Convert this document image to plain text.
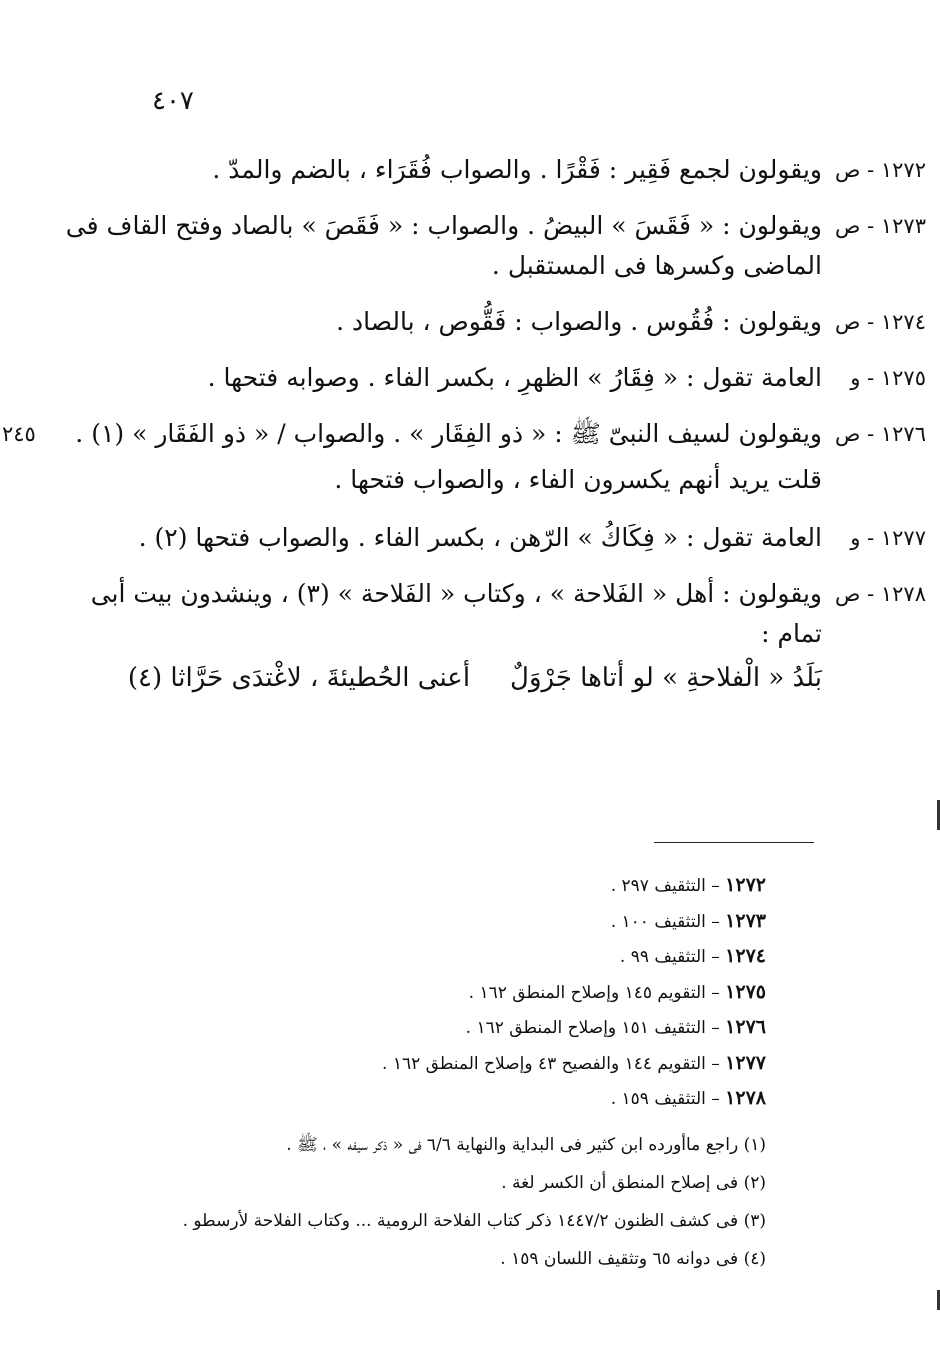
٤٠٧
١٢٧٢ - ص
ويقولون لجمع فَقِير : فَقْرًا . والصواب فُقَرَاء ، بالضم والمدّ .
١٢٧٣ - ص
ويقولون : « فَقَسَ » البيضُ . والصواب : « فَقَصَ » بالصاد وفتح القاف فى الماضى وكسرها فى المستقبل .
١٢٧٤ - ص
ويقولون : فُقُوس . والصواب : فَقُّوص ، بالصاد .
١٢٧٥ - و
العامة تقول : « فِقَارُ » الظهرِ ، بكسر الفاء . وصوابه فتحها .
١٢٧٦ - ص
٢٤٥	ويقولون لسيف النبىّ ﷺ : « ذو الفِقَار » . والصواب / « ذو الفَقَار » (١) .
قلت يريد أنهم يكسرون الفاء ، والصواب فتحها .
١٢٧٧ - و
العامة تقول : « فِكَاكُ » الرّهن ، بكسر الفاء . والصواب فتحها (٢) .
١٢٧٨ - ص
ويقولون : أهل « الفَلاحة » ، وكتاب « الفَلاحة » (٣) ، وينشدون بيت أبى تمام :
بَلَدُ « الْفلاحةِ » لو أتاها جَرْوَلٌ
أعنى الحُطيئةَ ، لاغْتدَى حَرَّاثا (٤)
١٢٧٢ – التثقيف ٢٩٧ .
١٢٧٣ – التثقيف ١٠٠ .
١٢٧٤ – التثقيف ٩٩ .
١٢٧٥ – التقويم ١٤٥ وإصلاح المنطق ١٦٢ .
١٢٧٦ – التثقيف ١٥١ وإصلاح المنطق ١٦٢ .
١٢٧٧ – التقويم ١٤٤ والفصيح ٤٣ وإصلاح المنطق ١٦٢ .
١٢٧٨ – التثقيف ١٥٩ .
(١) راجع ماأورده ابن كثير فى البداية والنهاية ٦/٦ فى « ذكر سيفه » ، ﷺ .
(٢) فى إصلاح المنطق أن الكسر لغة .
(٣) فى كشف الظنون ١٤٤٧/٢ ذكر كتاب الفلاحة الرومية ... وكتاب الفلاحة لأرسطو .
(٤) فى دوانه ٦٥ وتثقيف اللسان ١٥٩ .
